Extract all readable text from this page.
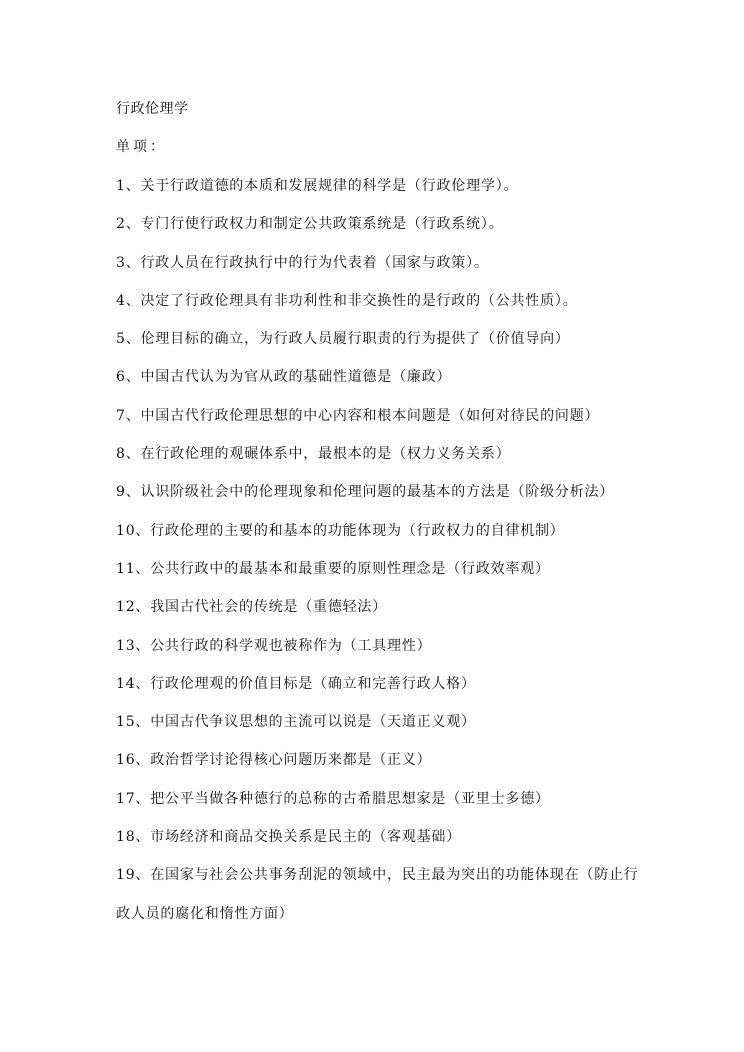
行政伦理学
单项：
1、关于行政道德的本质和发展规律的科学是（行政伦理学）。
2、专门行使行政权力和制定公共政策系统是（行政系统）。
3、行政人员在行政执行中的行为代表着（国家与政策）。
4、决定了行政伦理具有非功利性和非交换性的是行政的（公共性质）。
5、伦理目标的确立，为行政人员履行职责的行为提供了（价值导向）
6、中国古代认为为官从政的基础性道德是（廉政）
7、中国古代行政伦理思想的中心内容和根本问题是（如何对待民的问题）
8、在行政伦理的观碾体系中，最根本的是（权力义务关系）
9、认识阶级社会中的伦理现象和伦理问题的最基本的方法是（阶级分析法）
10、行政伦理的主要的和基本的功能体现为（行政权力的自律机制）
11、公共行政中的最基本和最重要的原则性理念是（行政效率观）
12、我国古代社会的传统是（重德轻法）
13、公共行政的科学观也被称作为（工具理性）
14、行政伦理观的价值目标是（确立和完善行政人格）
15、中国古代争议思想的主流可以说是（天道正义观）
16、政治哲学讨论得核心问题历来都是（正义）
17、把公平当做各种德行的总称的古希腊思想家是（亚里士多德）
18、市场经济和商品交换关系是民主的（客观基础）
19、在国家与社会公共事务刮泥的领域中，民主最为突出的功能体现在（防止行政人员的腐化和惰性方面）
